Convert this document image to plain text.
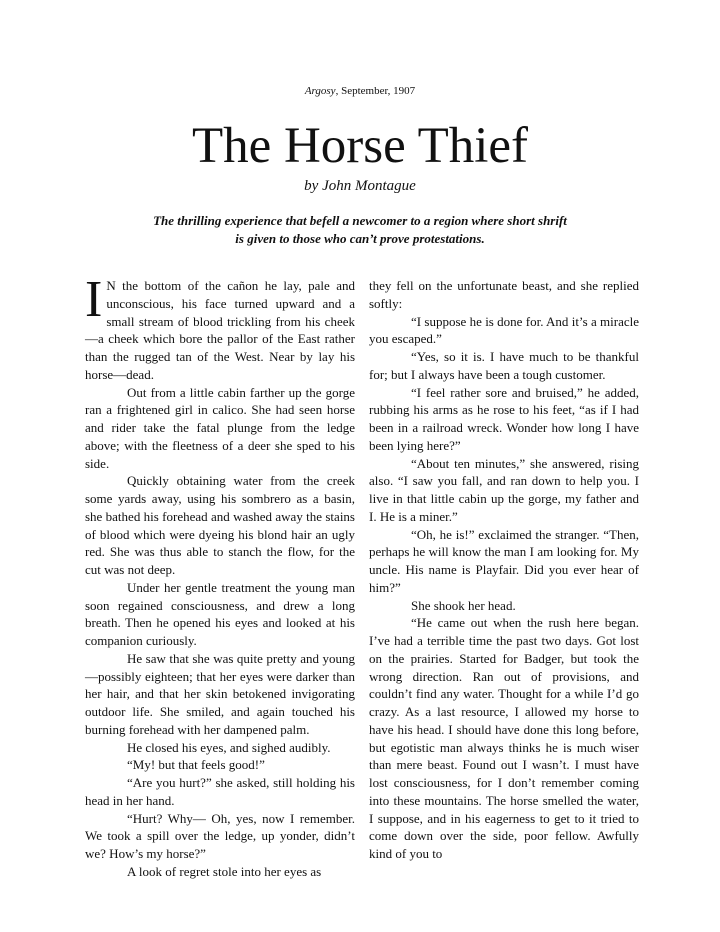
Argosy, September, 1907
The Horse Thief
by John Montague
The thrilling experience that befell a newcomer to a region where short shrift is given to those who can’t prove protestations.

I N the bottom of the cañon he lay, pale and unconscious, his face turned upward and a small stream of blood trickling from his cheek—a cheek which bore the pallor of the East rather than the rugged tan of the West. Near by lay his horse—dead.

Out from a little cabin farther up the gorge ran a frightened girl in calico. She had seen horse and rider take the fatal plunge from the ledge above; with the fleetness of a deer she sped to his side.

Quickly obtaining water from the creek some yards away, using his sombrero as a basin, she bathed his forehead and washed away the stains of blood which were dyeing his blond hair an ugly red. She was thus able to stanch the flow, for the cut was not deep.

Under her gentle treatment the young man soon regained consciousness, and drew a long breath. Then he opened his eyes and looked at his companion curiously.

He saw that she was quite pretty and young—possibly eighteen; that her eyes were darker than her hair, and that her skin betokened invigorating outdoor life. She smiled, and again touched his burning forehead with her dampened palm.

He closed his eyes, and sighed audibly.

“My! but that feels good!”

“Are you hurt?” she asked, still holding his head in her hand.

“Hurt? Why— Oh, yes, now I remember. We took a spill over the ledge, up yonder, didn’t we? How’s my horse?”

A look of regret stole into her eyes as

they fell on the unfortunate beast, and she replied softly:

“I suppose he is done for. And it’s a miracle you escaped.”

“Yes, so it is. I have much to be thankful for; but I always have been a tough customer.

“I feel rather sore and bruised,” he added, rubbing his arms as he rose to his feet, “as if I had been in a railroad wreck. Wonder how long I have been lying here?”

“About ten minutes,” she answered, rising also. “I saw you fall, and ran down to help you. I live in that little cabin up the gorge, my father and I. He is a miner.”

“Oh, he is!” exclaimed the stranger. “Then, perhaps he will know the man I am looking for. My uncle. His name is Playfair. Did you ever hear of him?”

She shook her head.

“He came out when the rush here began. I’ve had a terrible time the past two days. Got lost on the prairies. Started for Badger, but took the wrong direction. Ran out of provisions, and couldn’t find any water. Thought for a while I’d go crazy. As a last resource, I allowed my horse to have his head. I should have done this long before, but egotistic man always thinks he is much wiser than mere beast. Found out I wasn’t. I must have lost consciousness, for I don’t remember coming into these mountains. The horse smelled the water, I suppose, and in his eagerness to get to it tried to come down over the side, poor fellow. Awfully kind of you to
